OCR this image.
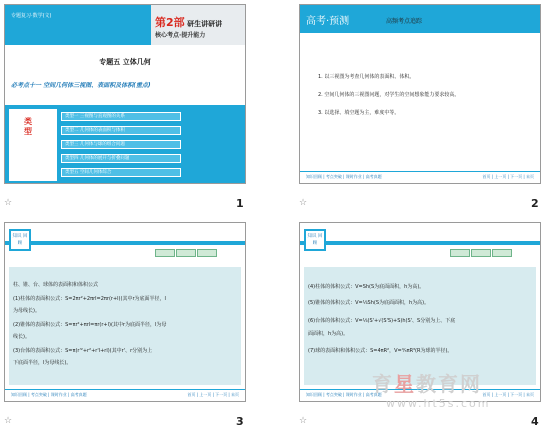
专题复习·数学(文)	第2部 研生讲研讲
核心考点·提升能力
专题五 立体几何
必考点十一 空间几何体三视图、表面积及体积(重点)
类型
类型一 三视图与直观图的关系
类型二 几何体的表面积与体积
类型三 几何体与球的组合问题
类型四 几何体的展开与折叠问题
类型五 空间几何体综合
☆	1
高考·预测	高频考点追踪
1. 以三视图为考查几何体的表面积、体积。
2. 空间几何体的三视图问题，对学生的空间想象能力要求较高。
3. 以选择、填空题为主，难度中等。
知识回顾 | 考点突破 | 课时作业 | 高考真题	首页 | 上一页 | 下一页 | 末页
☆	2
知识 回顾
柱、锥、台、球体的表面积和体积公式
(1)柱体的表面积公式：S=2πr²+2πrl=2πr(r+l)(其中r为底面半径，l
为母线长)。
(2)锥体的表面积公式：S=πr²+πrl=πr(r+l)(其中r为底面半径，l为母
线长)。
(3)台体的表面积公式：S=π(r'²+r²+r'l+rl)(其中r'、r分别为上
下底面半径，l为母线长)。
知识回顾 | 考点突破 | 课时作业 | 高考真题	首页 | 上一页 | 下一页 | 末页
☆	3
知识 回顾
(4)柱体的体积公式：V=Sh(S为底面面积，h为高)。
(5)锥体的体积公式：V=⅓Sh(S为底面面积，h为高)。
(6)台体的体积公式：V=⅓(S'+√(S'S)+S)h(S'、S分别为上、下底
面面积，h为高)。
(7)球的表面积和体积公式：S=4πR²，V=⁴⁄₃πR³(R为球的半径)。
知识回顾 | 考点突破 | 课时作业 | 高考真题	首页 | 上一页 | 下一页 | 末页
☆	4
育星教育网
www.ht5s.com
